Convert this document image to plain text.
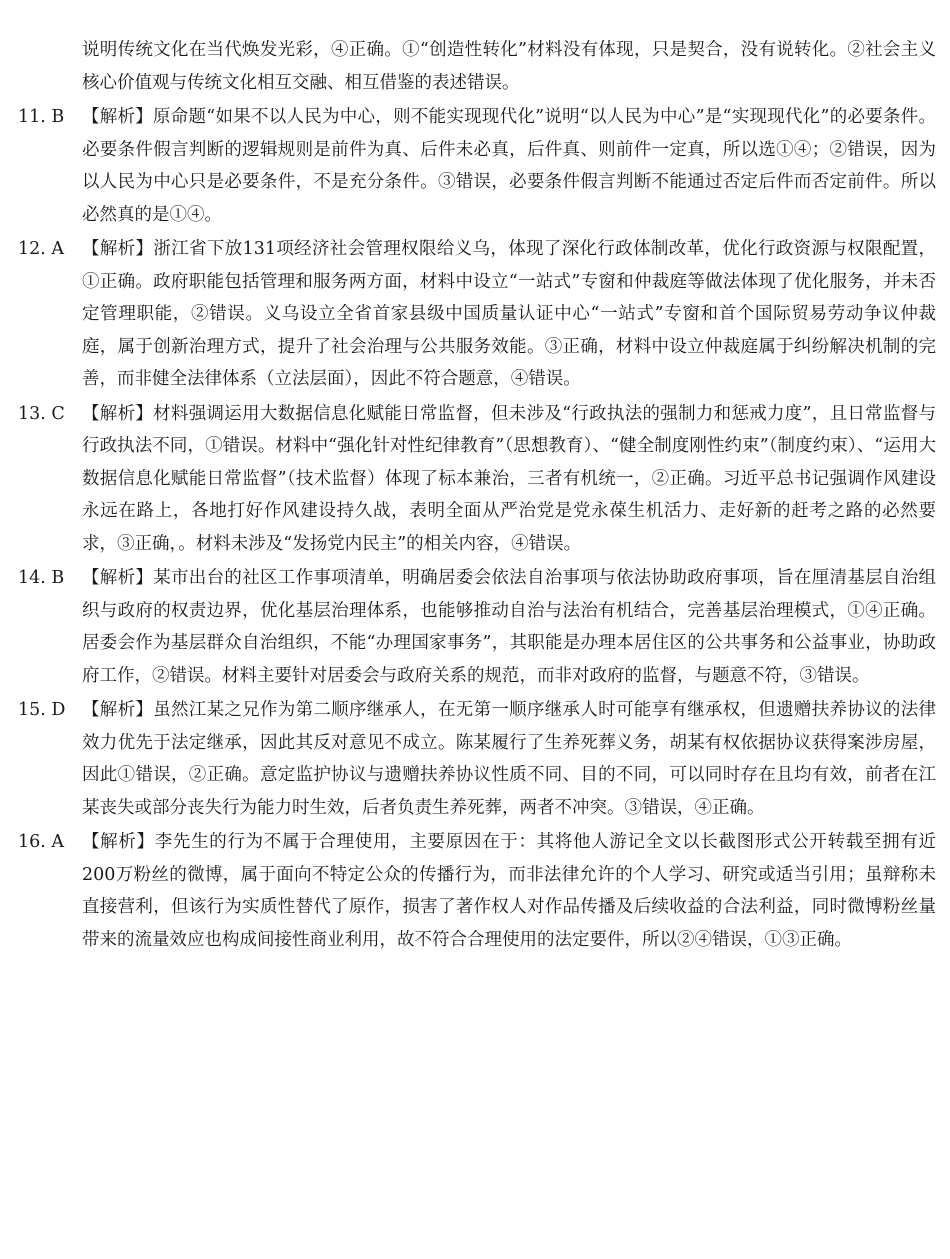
说明传统文化在当代焕发光彩，④正确。①“创造性转化”材料没有体现，只是契合，没有说转化。②社会主义核心价值观与传统文化相互交融、相互借鉴的表述错误。
11. B	【解析】原命题“如果不以人民为中心，则不能实现现代化”说明“以人民为中心”是“实现现代化”的必要条件。必要条件假言判断的逻辑规则是前件为真、后件未必真，后件真、则前件一定真，所以选①④；②错误，因为以人民为中心只是必要条件，不是充分条件。③错误，必要条件假言判断不能通过否定后件而否定前件。所以必然真的是①④。
12. A	【解析】浙江省下放131项经济社会管理权限给义乌，体现了深化行政体制改革，优化行政资源与权限配置，①正确。政府职能包括管理和服务两方面，材料中设立“一站式”专窗和仲裁庭等做法体现了优化服务，并未否定管理职能，②错误。义乌设立全省首家县级中国质量认证中心“一站式”专窗和首个国际贸易劳动争议仲裁庭，属于创新治理方式，提升了社会治理与公共服务效能。③正确，材料中设立仲裁庭属于纠纷解决机制的完善，而非健全法律体系（立法层面），因此不符合题意，④错误。
13. C 【解析】材料强调运用大数据信息化赋能日常监督，但未涉及“行政执法的强制力和惩戒力度”，且日常监督与行政执法不同，①错误。材料中“强化针对性纪律教育”（思想教育）、“健全制度刚性约束”（制度约束）、“运用大数据信息化赋能日常监督”（技术监督）体现了标本兼治，三者有机统一，②正确。习近平总书记强调作风建设永远在路上，各地打好作风建设持久战，表明全面从严治党是党永葆生机活力、走好新的赶考之路的必然要求，③正确，。材料未涉及“发扬党内民主”的相关内容，④错误。
14. B	【解析】某市出台的社区工作事项清单，明确居委会依法自治事项与依法协助政府事项，旨在厘清基层自治组织与政府的权责边界，优化基层治理体系，也能够推动自治与法治有机结合，完善基层治理模式，①④正确。居委会作为基层群众自治组织，不能“办理国家事务”，其职能是办理本居住区的公共事务和公益事业，协助政府工作，②错误。材料主要针对居委会与政府关系的规范，而非对政府的监督，与题意不符，③错误。
15. D 【解析】虽然江某之兄作为第二顺序继承人，在无第一顺序继承人时可能享有继承权，但遗赠扶养协议的法律效力优先于法定继承，因此其反对意见不成立。陈某履行了生养死葬义务，胡某有权依据协议获得案涉房屋，因此①错误，②正确。意定监护协议与遗赠扶养协议性质不同、目的不同，可以同时存在且均有效，前者在江某丧失或部分丧失行为能力时生效，后者负责生养死葬，两者不冲突。③错误，④正确。
16. A	【解析】李先生的行为不属于合理使用，主要原因在于：其将他人游记全文以长截图形式公开转载至拥有近200万粉丝的微博，属于面向不特定公众的传播行为，而非法律允许的个人学习、研究或适当引用；虽辩称未直接营利，但该行为实质性替代了原作，损害了著作权人对作品传播及后续收益的合法利益，同时微博粉丝量带来的流量效应也构成间接性商业利用，故不符合合理使用的法定要件，所以②④错误，①③正确。
